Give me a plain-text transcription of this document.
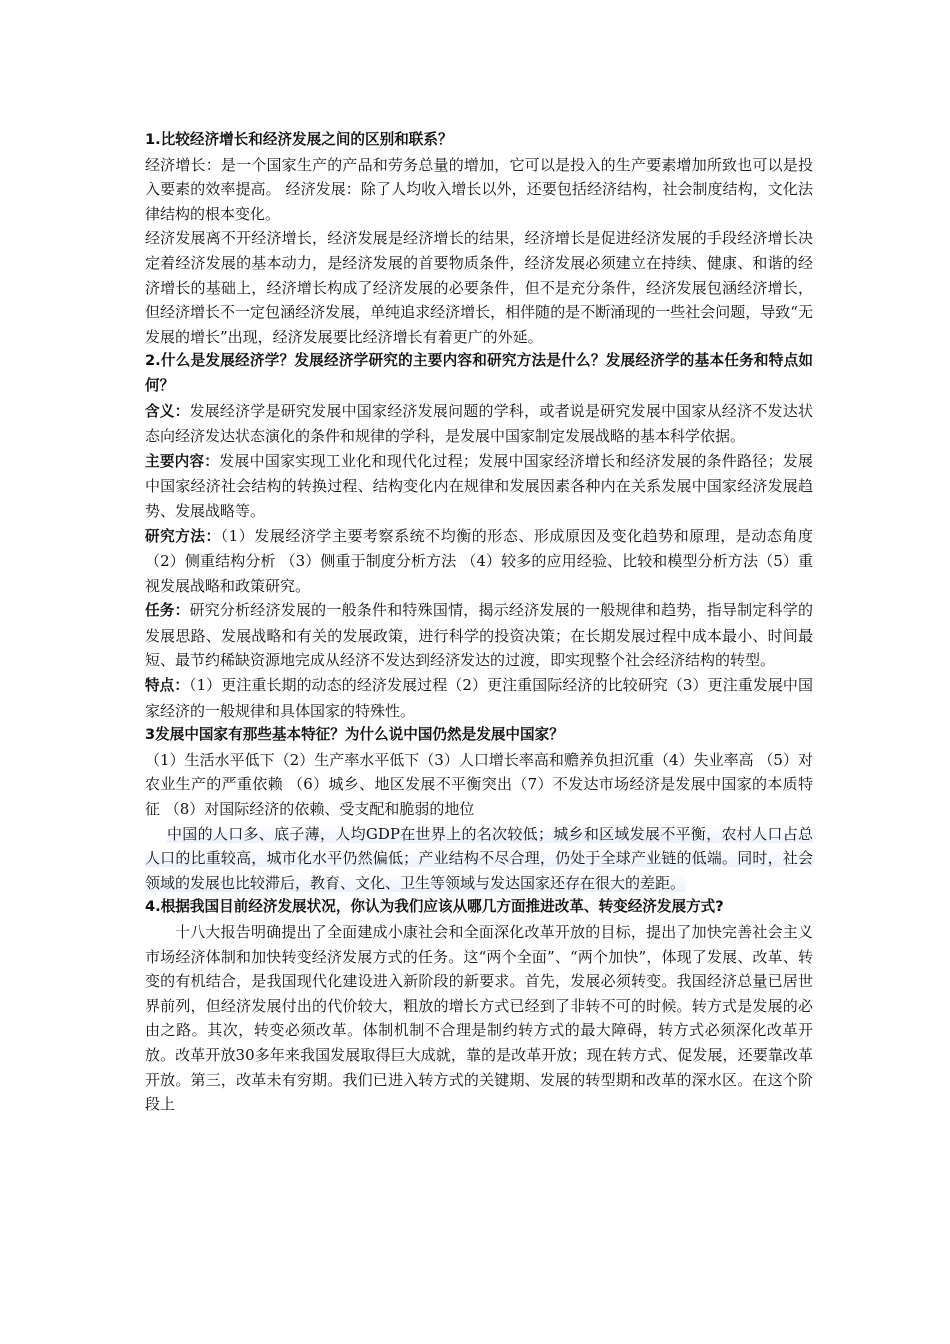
1.比较经济增长和经济发展之间的区别和联系？

经济增长：是一个国家生产的产品和劳务总量的增加，它可以是投入的生产要素增加所致也可以是投入要素的效率提高。 经济发展：除了人均收入增长以外，还要包括经济结构，社会制度结构，文化法律结构的根本变化。

经济发展离不开经济增长，经济发展是经济增长的结果，经济增长是促进经济发展的手段经济增长决定着经济发展的基本动力，是经济发展的首要物质条件，经济发展必须建立在持续、健康、和谐的经济增长的基础上，经济增长构成了经济发展的必要条件，但不是充分条件，经济发展包涵经济增长，但经济增长不一定包涵经济发展，单纯追求经济增长，相伴随的是不断涌现的一些社会问题，导致“无发展的增长”出现，经济发展要比经济增长有着更广的外延。

2.什么是发展经济学？发展经济学研究的主要内容和研究方法是什么？发展经济学的基本任务和特点如何？

含义：发展经济学是研究发展中国家经济发展问题的学科，或者说是研究发展中国家从经济不发达状态向经济发达状态演化的条件和规律的学科，是发展中国家制定发展战略的基本科学依据。

主要内容：发展中国家实现工业化和现代化过程；发展中国家经济增长和经济发展的条件路径；发展中国家经济社会结构的转换过程、结构变化内在规律和发展因素各种内在关系发展中国家经济发展趋势、发展战略等。

研究方法：（1）发展经济学主要考察系统不均衡的形态、形成原因及变化趋势和原理，是动态角度（2）侧重结构分析 （3）侧重于制度分析方法 （4）较多的应用经验、比较和模型分析方法（5）重视发展战略和政策研究。

任务：研究分析经济发展的一般条件和特殊国情，揭示经济发展的一般规律和趋势，指导制定科学的发展思路、发展战略和有关的发展政策，进行科学的投资决策；在长期发展过程中成本最小、时间最短、最节约稀缺资源地完成从经济不发达到经济发达的过渡，即实现整个社会经济结构的转型。

特点：（1）更注重长期的动态的经济发展过程（2）更注重国际经济的比较研究（3）更注重发展中国家经济的一般规律和具体国家的特殊性。

3发展中国家有那些基本特征？为什么说中国仍然是发展中国家？

（1）生活水平低下（2）生产率水平低下（3）人口增长率高和赡养负担沉重（4）失业率高 （5）对农业生产的严重依赖 （6）城乡、地区发展不平衡突出（7）不发达市场经济是发展中国家的本质特征 （8）对国际经济的依赖、受支配和脆弱的地位

中国的人口多、底子薄，人均GDP在世界上的名次较低；城乡和区域发展不平衡，农村人口占总人口的比重较高，城市化水平仍然偏低；产业结构不尽合理，仍处于全球产业链的低端。同时，社会领域的发展也比较滞后，教育、文化、卫生等领域与发达国家还存在很大的差距。

4.根据我国目前经济发展状况，你认为我们应该从哪几方面推进改革、转变经济发展方式?

十八大报告明确提出了全面建成小康社会和全面深化改革开放的目标，提出了加快完善社会主义市场经济体制和加快转变经济发展方式的任务。这“两个全面”、“两个加快”，体现了发展、改革、转变的有机结合，是我国现代化建设进入新阶段的新要求。首先，发展必须转变。我国经济总量已居世界前列，但经济发展付出的代价较大，粗放的增长方式已经到了非转不可的时候。转方式是发展的必由之路。其次，转变必须改革。体制机制不合理是制约转方式的最大障碍，转方式必须深化改革开放。改革开放30多年来我国发展取得巨大成就，靠的是改革开放；现在转方式、促发展，还要靠改革开放。第三，改革未有穷期。我们已进入转方式的关键期、发展的转型期和改革的深水区。在这个阶段上
